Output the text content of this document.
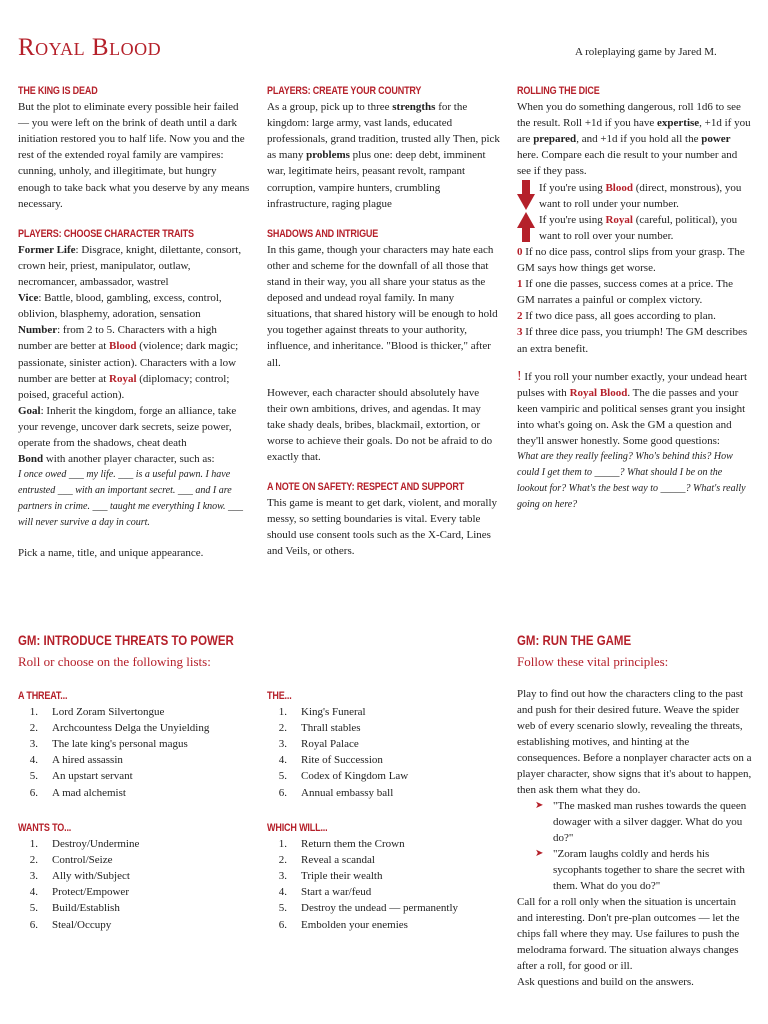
Royal Blood	A roleplaying game by Jared M.
THE KING IS DEAD

But the plot to eliminate every possible heir failed — you were left on the brink of death until a dark initiation restored you to half life. Now you and the rest of the extended royal family are vampires: cunning, unholy, and illegitimate, but hungry enough to take back what you deserve by any means necessary.

PLAYERS: CHOOSE CHARACTER TRAITS

Former Life: Disgrace, knight, dilettante, consort, crown heir, priest, manipulator, outlaw, necromancer, ambassador, wastrel

Vice: Battle, blood, gambling, excess, control, oblivion, blasphemy, adoration, sensation

Number: from 2 to 5. Characters with a high number are better at Blood (violence; dark magic; passionate, sinister action). Characters with a low number are better at Royal (diplomacy; control; poised, graceful action).

Goal: Inherit the kingdom, forge an alliance, take your revenge, uncover dark secrets, seize power, operate from the shadows, cheat death

Bond with another player character, such as:

I once owed ___ my life. ___ is a useful pawn. I have entrusted ___ with an important secret. ___ and I are partners in crime. ___ taught me everything I know. ___ will never survive a day in court.

Pick a name, title, and unique appearance.

PLAYERS: CREATE YOUR COUNTRY

As a group, pick up to three strengths for the kingdom: large army, vast lands, educated professionals, grand tradition, trusted ally Then, pick as many problems plus one: deep debt, imminent war, legitimate heirs, peasant revolt, rampant corruption, vampire hunters, crumbling infrastructure, raging plague

SHADOWS AND INTRIGUE

In this game, though your characters may hate each other and scheme for the downfall of all those that stand in their way, you all share your status as the deposed and undead royal family. In many situations, that shared history will be enough to hold you together against threats to your authority, influence, and inheritance. "Blood is thicker," after all.

However, each character should absolutely have their own ambitions, drives, and agendas. It may take shady deals, bribes, blackmail, extortion, or worse to achieve their goals. Do not be afraid to do exactly that.

A NOTE ON SAFETY: RESPECT AND SUPPORT

This game is meant to get dark, violent, and morally messy, so setting boundaries is vital. Every table should use consent tools such as the X-Card, Lines and Veils, or others.

ROLLING THE DICE

When you do something dangerous, roll 1d6 to see the result. Roll +1d if you have expertise, +1d if you are prepared, and +1d if you hold all the power here. Compare each die result to your number and see if they pass.

If you're using Blood (direct, monstrous), you want to roll under your number.
If you're using Royal (careful, political), you want to roll over your number.

0 If no dice pass, control slips from your grasp. The GM says how things get worse.

1 If one die passes, success comes at a price. The GM narrates a painful or complex victory.

2 If two dice pass, all goes according to plan.

3 If three dice pass, you triumph! The GM describes an extra benefit.

! If you roll your number exactly, your undead heart pulses with Royal Blood. The die passes and your keen vampiric and political senses grant you insight into what's going on. Ask the GM a question and they'll answer honestly. Some good questions:

What are they really feeling? Who's behind this? How could I get them to _____? What should I be on the lookout for? What's the best way to _____? What's really going on here?

GM: INTRODUCE THREATS TO POWER
Roll or choose on the following lists:
A THREAT...
1. Lord Zoram Silvertongue
2. Archcountess Delga the Unyielding
3. The late king's personal magus
4. A hired assassin
5. An upstart servant
6. A mad alchemist
THE...
1. King's Funeral
2. Thrall stables
3. Royal Palace
4. Rite of Succession
5. Codex of Kingdom Law
6. Annual embassy ball
WANTS TO...
1. Destroy/Undermine
2. Control/Seize
3. Ally with/Subject
4. Protect/Empower
5. Build/Establish
6. Steal/Occupy
WHICH WILL...
1. Return them the Crown
2. Reveal a scandal
3. Triple their wealth
4. Start a war/feud
5. Destroy the undead — permanently
6. Embolden your enemies
GM: RUN THE GAME
Follow these vital principles:

Play to find out how the characters cling to the past and push for their desired future. Weave the spider web of every scenario slowly, revealing the threats, establishing motives, and hinting at the consequences. Before a nonplayer character acts on a player character, show signs that it's about to happen, then ask them what they do.

➤ "The masked man rushes towards the queen dowager with a silver dagger. What do you do?"
➤ "Zoram laughs coldly and herds his sycophants together to share the secret with them. What do you do?"

Call for a roll only when the situation is uncertain and interesting. Don't pre-plan outcomes — let the chips fall where they may. Use failures to push the melodrama forward. The situation always changes after a roll, for good or ill.

Ask questions and build on the answers.
